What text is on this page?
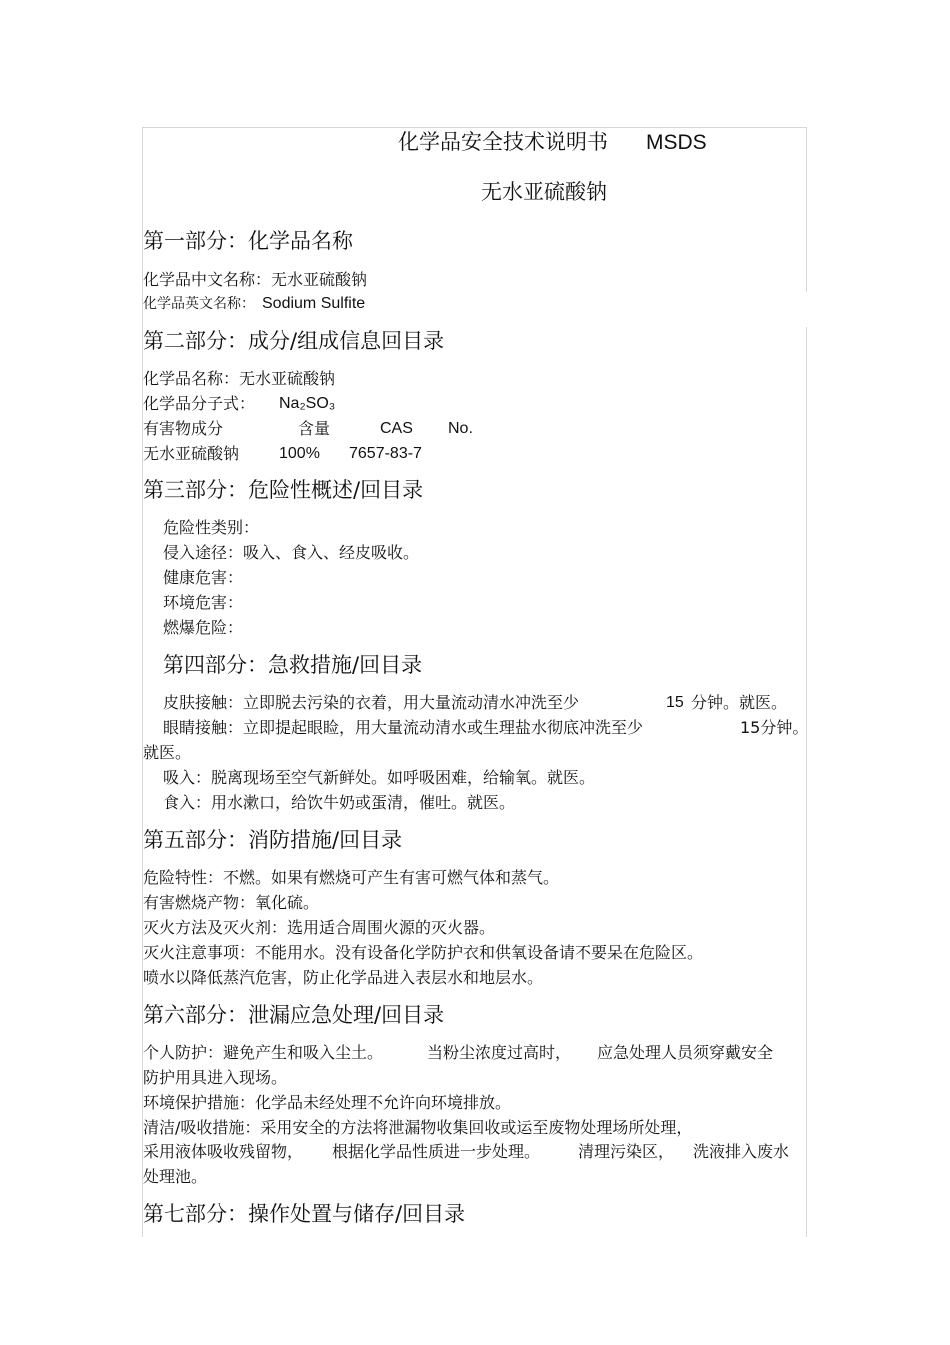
化学品安全技术说明书 MSDS
无水亚硫酸钠
第一部分：化学品名称
化学品中文名称：无水亚硫酸钠
化学品英文名称： Sodium Sulfite
第二部分：成分/组成信息回目录
化学品名称：无水亚硫酸钠
化学品分子式： Na₂SO₃
有害物成分	含量	CAS No.
无水亚硫酸钠 100% 7657-83-7
第三部分：危险性概述/回目录
危险性类别：
侵入途径：吸入、食入、经皮吸收。
健康危害：
环境危害：
燃爆危险：
第四部分：急救措施/回目录
皮肤接触：立即脱去污染的衣着，用大量流动清水冲洗至少	15 分钟。就医。
眼睛接触：立即提起眼睑，用大量流动清水或生理盐水彻底冲洗至少	15分钟。
就医。
吸入：脱离现场至空气新鲜处。如呼吸困难，给输氧。就医。
食入：用水漱口，给饮牛奶或蛋清，催吐。就医。
第五部分：消防措施/回目录
危险特性：不燃。如果有燃烧可产生有害可燃气体和蒸气。
有害燃烧产物：氧化硫。
灭火方法及灭火剂：选用适合周围火源的灭火器。
灭火注意事项：不能用水。没有设备化学防护衣和供氧设备请不要呆在危险区。
喷水以降低蒸汽危害，防止化学品进入表层水和地层水。
第六部分：泄漏应急处理/回目录
个人防护：避免产生和吸入尘土。	当粉尘浓度过高时， 应急处理人员须穿戴安全
防护用具进入现场。
环境保护措施：化学品未经处理不允许向环境排放。
清洁/吸收措施：采用安全的方法将泄漏物收集回收或运至废物处理场所处理，
采用液体吸收残留物， 根据化学品性质进一步处理。 清理污染区， 洗液排入废水
处理池。
第七部分：操作处置与储存/回目录
